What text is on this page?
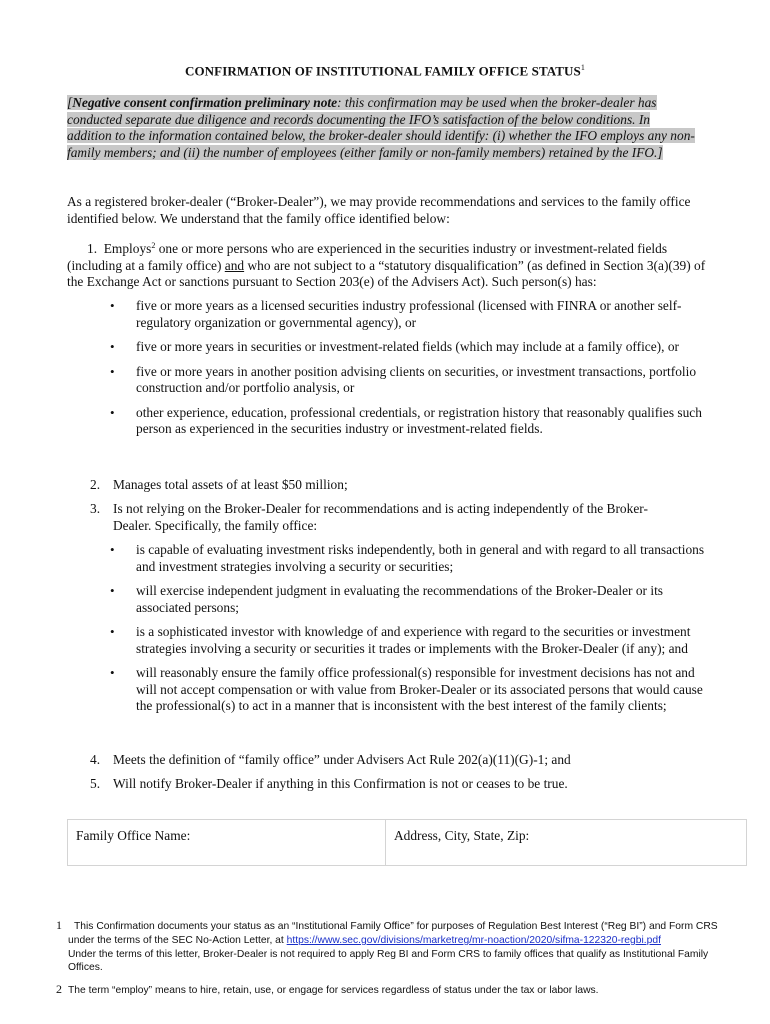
CONFIRMATION OF INSTITUTIONAL FAMILY OFFICE STATUS$^1$
[Negative consent confirmation preliminary note: this confirmation may be used when the broker-dealer has conducted separate due diligence and records documenting the IFO’s satisfaction of the below conditions. In addition to the information contained below, the broker-dealer should identify: (i) whether the IFO employs any non-family members; and (ii) the number of employees (either family or non-family members) retained by the IFO.]
As a registered broker-dealer (“Broker-Dealer”), we may provide recommendations and services to the family office identified below. We understand that the family office identified below:
1. Employs$^2$ one or more persons who are experienced in the securities industry or investment-related fields (including at a family office) and who are not subject to a “statutory disqualification” (as defined in Section 3(a)(39) of the Exchange Act or sanctions pursuant to Section 203(e) of the Advisers Act). Such person(s) has:
• five or more years as a licensed securities industry professional (licensed with FINRA or another self-regulatory organization or governmental agency), or
• five or more years in securities or investment-related fields (which may include at a family office), or
• five or more years in another position advising clients on securities, or investment transactions, portfolio construction and/or portfolio analysis, or
• other experience, education, professional credentials, or registration history that reasonably qualifies such person as experienced in the securities industry or investment-related fields.
2. Manages total assets of at least $50 million;
3. Is not relying on the Broker-Dealer for recommendations and is acting independently of the Broker-Dealer. Specifically, the family office:
• is capable of evaluating investment risks independently, both in general and with regard to all transactions and investment strategies involving a security or securities;
• will exercise independent judgment in evaluating the recommendations of the Broker-Dealer or its associated persons;
• is a sophisticated investor with knowledge of and experience with regard to the securities or investment strategies involving a security or securities it trades or implements with the Broker-Dealer (if any); and
• will reasonably ensure the family office professional(s) responsible for investment decisions has not and will not accept compensation or with value from Broker-Dealer or its associated persons that would cause the professional(s) to act in a manner that is inconsistent with the best interest of the family clients;
4. Meets the definition of “family office” under Advisers Act Rule 202(a)(11)(G)-1; and
5. Will notify Broker-Dealer if anything in this Confirmation is not or ceases to be true.
Family Office Name:	Address, City, State, Zip:
1	This Confirmation documents your status as an “Institutional Family Office” for purposes of Regulation Best Interest (“Reg BI”) and Form CRS under the terms of the SEC No-Action Letter, at https://www.sec.gov/divisions/marketreg/mr-noaction/2020/sifma-122320-regbi.pdf
Under the terms of this letter, Broker-Dealer is not required to apply Reg BI and Form CRS to family offices that qualify as Institutional Family Offices.
2 The term “employ” means to hire, retain, use, or engage for services regardless of status under the tax or labor laws.
